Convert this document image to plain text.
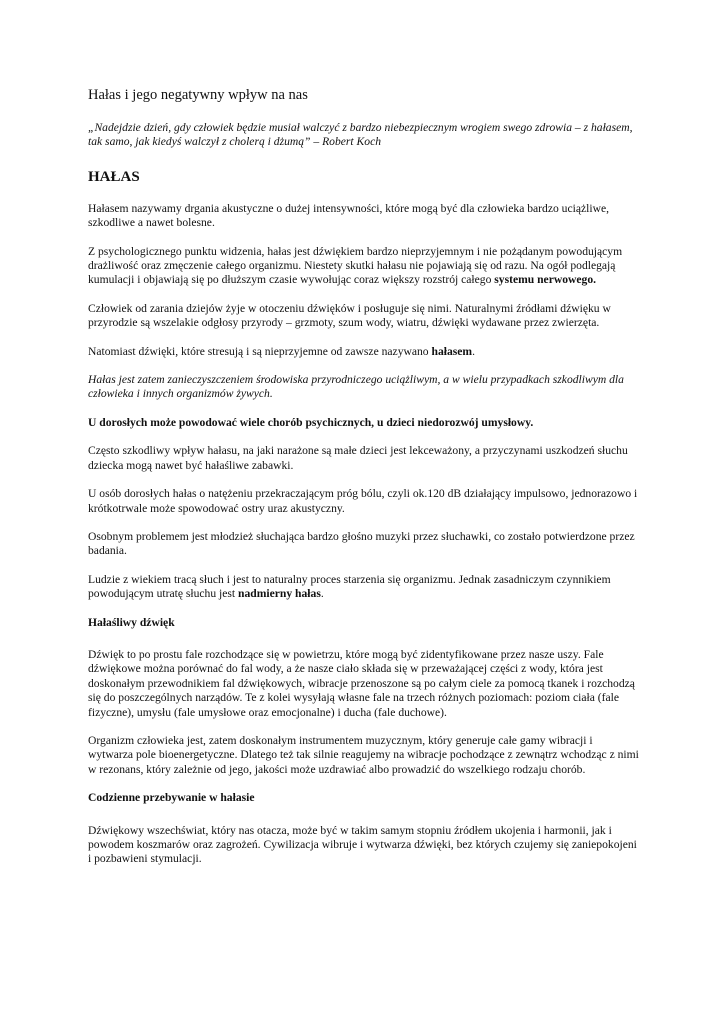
Hałas i jego negatywny wpływ na nas
„Nadejdzie dzień, gdy człowiek będzie musiał walczyć z bardzo niebezpiecznym wrogiem swego zdrowia – z hałasem, tak samo, jak kiedyś walczył z cholerą i dżumą” – Robert Koch
HAŁAS

Hałasem nazywamy drgania akustyczne o dużej intensywności, które mogą być dla człowieka bardzo uciążliwe, szkodliwe a nawet bolesne.

Z psychologicznego punktu widzenia, hałas jest dźwiękiem bardzo nieprzyjemnym i nie pożądanym powodującym drażliwość oraz zmęczenie całego organizmu. Niestety skutki hałasu nie pojawiają się od razu. Na ogół podlegają kumulacji i objawiają się po dłuższym czasie wywołując coraz większy rozstrój całego systemu nerwowego.

Człowiek od zarania dziejów żyje w otoczeniu dźwięków i posługuje się nimi. Naturalnymi źródłami dźwięku w przyrodzie są wszelakie odgłosy przyrody – grzmoty, szum wody, wiatru, dźwięki wydawane przez zwierzęta.

Natomiast dźwięki, które stresują i są nieprzyjemne od zawsze nazywano hałasem.

Hałas jest zatem zanieczyszczeniem środowiska przyrodniczego uciążliwym, a w wielu przypadkach szkodliwym dla człowieka i innych organizmów żywych.

U dorosłych może powodować wiele chorób psychicznych, u dzieci niedorozwój umysłowy.

Często szkodliwy wpływ hałasu, na jaki narażone są małe dzieci jest lekceważony, a przyczynami uszkodzeń słuchu dziecka mogą nawet być hałaśliwe zabawki.

U osób dorosłych hałas o natężeniu przekraczającym próg bólu, czyli ok.120 dB działający impulsowo, jednorazowo i krótkotrwale może spowodować ostry uraz akustyczny.

Osobnym problemem jest młodzież słuchająca bardzo głośno muzyki przez słuchawki, co zostało potwierdzone przez badania.

Ludzie z wiekiem tracą słuch i jest to naturalny proces starzenia się organizmu. Jednak zasadniczym czynnikiem powodującym utratę słuchu jest nadmierny hałas.

Hałaśliwy dźwięk

Dźwięk to po prostu fale rozchodzące się w powietrzu, które mogą być zidentyfikowane przez nasze uszy. Fale dźwiękowe można porównać do fal wody, a że nasze ciało składa się w przeważającej części z wody, która jest doskonałym przewodnikiem fal dźwiękowych, wibracje przenoszone są po całym ciele za pomocą tkanek i rozchodzą się do poszczególnych narządów. Te z kolei wysyłają własne fale na trzech różnych poziomach: poziom ciała (fale fizyczne), umysłu (fale umysłowe oraz emocjonalne) i ducha (fale duchowe).

Organizm człowieka jest, zatem doskonałym instrumentem muzycznym, który generuje całe gamy wibracji i wytwarza pole bioenergetyczne. Dlatego też tak silnie reagujemy na wibracje pochodzące z zewnątrz wchodząc z nimi w rezonans, który zależnie od jego, jakości może uzdrawiać albo prowadzić do wszelkiego rodzaju chorób.

Codzienne przebywanie w hałasie

Dźwiękowy wszechświat, który nas otacza, może być w takim samym stopniu źródłem ukojenia i harmonii, jak i powodem koszmarów oraz zagrożeń. Cywilizacja wibruje i wytwarza dźwięki, bez których czujemy się zaniepokojeni i pozbawieni stymulacji.
